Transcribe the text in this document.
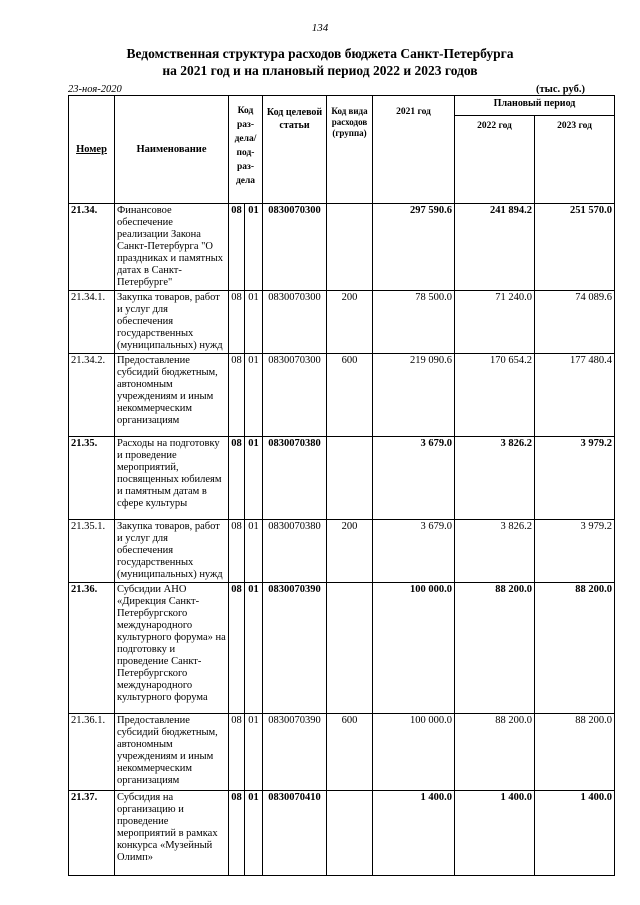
134
Ведомственная структура расходов бюджета Санкт-Петербурга
на 2021 год и на плановый период 2022 и 2023 годов
23-ноя-2020	(тыс. руб.)
Номер	Наименование	Код раз-дела/ под-раз-дела		Код целевой статьи	Код вида расходов (группа)	2021 год	Плановый период	
							2022 год	2023 год
21.34.	Финансовое обеспечение реализации Закона Санкт-Петербурга "О праздниках и памятных датах в Санкт-Петербурге"	08	01	0830070300		297 590.6	241 894.2	251 570.0
21.34.1.	Закупка товаров, работ и услуг для обеспечения государственных (муниципальных) нужд	08	01	0830070300	200	78 500.0	71 240.0	74 089.6
21.34.2.	Предоставление субсидий бюджетным, автономным учреждениям и иным некоммерческим организациям	08	01	0830070300	600	219 090.6	170 654.2	177 480.4
21.35.	Расходы на подготовку и проведение мероприятий, посвященных юбилеям и памятным датам в сфере культуры	08	01	0830070380		3 679.0	3 826.2	3 979.2
21.35.1.	Закупка товаров, работ и услуг для обеспечения государственных (муниципальных) нужд	08	01	0830070380	200	3 679.0	3 826.2	3 979.2
21.36.	Субсидии АНО «Дирекция Санкт-Петербургского международного культурного форума» на подготовку и проведение Санкт-Петербургского международного культурного форума	08	01	0830070390		100 000.0	88 200.0	88 200.0
21.36.1.	Предоставление субсидий бюджетным, автономным учреждениям и иным некоммерческим организациям	08	01	0830070390	600	100 000.0	88 200.0	88 200.0
21.37.	Субсидия на организацию и проведение мероприятий в рамках конкурса «Музейный Олимп»	08	01	0830070410		1 400.0	1 400.0	1 400.0
